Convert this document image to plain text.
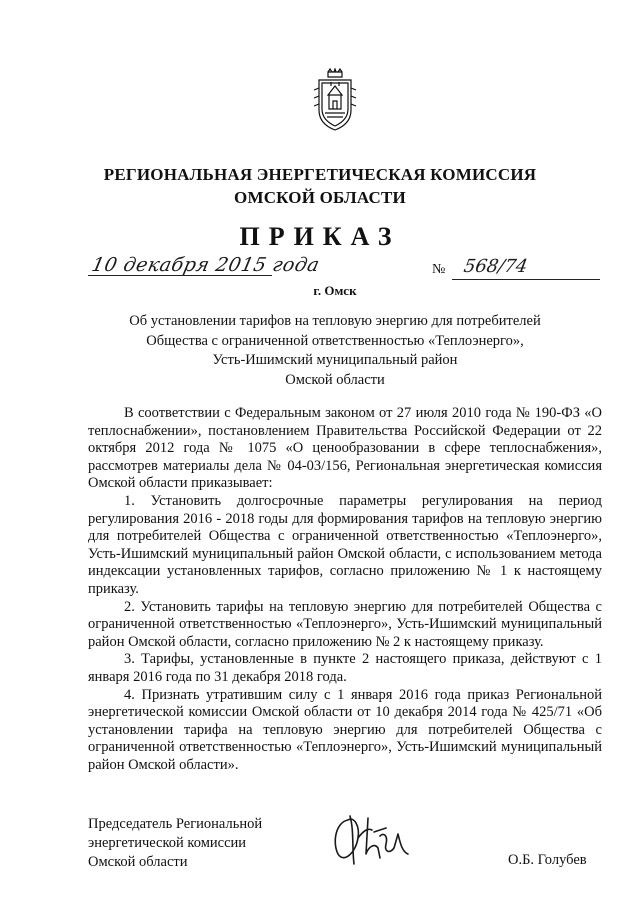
РЕГИОНАЛЬНАЯ ЭНЕРГЕТИЧЕСКАЯ КОМИССИЯ
ОМСКОЙ ОБЛАСТИ
ПРИКАЗ
10 декабря 2015 года	№ 568/74
г. Омск
Об установлении тарифов на тепловую энергию для потребителей
Общества с ограниченной ответственностью «Теплоэнерго»,
Усть-Ишимский муниципальный район
Омской области

В соответствии с Федеральным законом от 27 июля 2010 года № 190-ФЗ «О теплоснабжении», постановлением Правительства Российской Федерации от 22 октября 2012 года № 1075 «О ценообразовании в сфере теплоснабжения», рассмотрев материалы дела № 04-03/156, Региональная энергетическая комиссия Омской области приказывает:

1. Установить долгосрочные параметры регулирования на период регулирования 2016 - 2018 годы для формирования тарифов на тепловую энергию для потребителей Общества с ограниченной ответственностью «Теплоэнерго», Усть-Ишимский муниципальный район Омской области, с использованием метода индексации установленных тарифов, согласно приложению № 1 к настоящему приказу.

2. Установить тарифы на тепловую энергию для потребителей Общества с ограниченной ответственностью «Теплоэнерго», Усть-Ишимский муниципальный район Омской области, согласно приложению № 2 к настоящему приказу.

3. Тарифы, установленные в пункте 2 настоящего приказа, действуют с 1 января 2016 года по 31 декабря 2018 года.

4. Признать утратившим силу с 1 января 2016 года приказ Региональной энергетической комиссии Омской области от 10 декабря 2014 года № 425/71 «Об установлении тарифа на тепловую энергию для потребителей Общества с ограниченной ответственностью «Теплоэнерго», Усть-Ишимский муниципальный район Омской области».

Председатель Региональной
энергетической комиссии
Омской области	О.Б. Голубев
